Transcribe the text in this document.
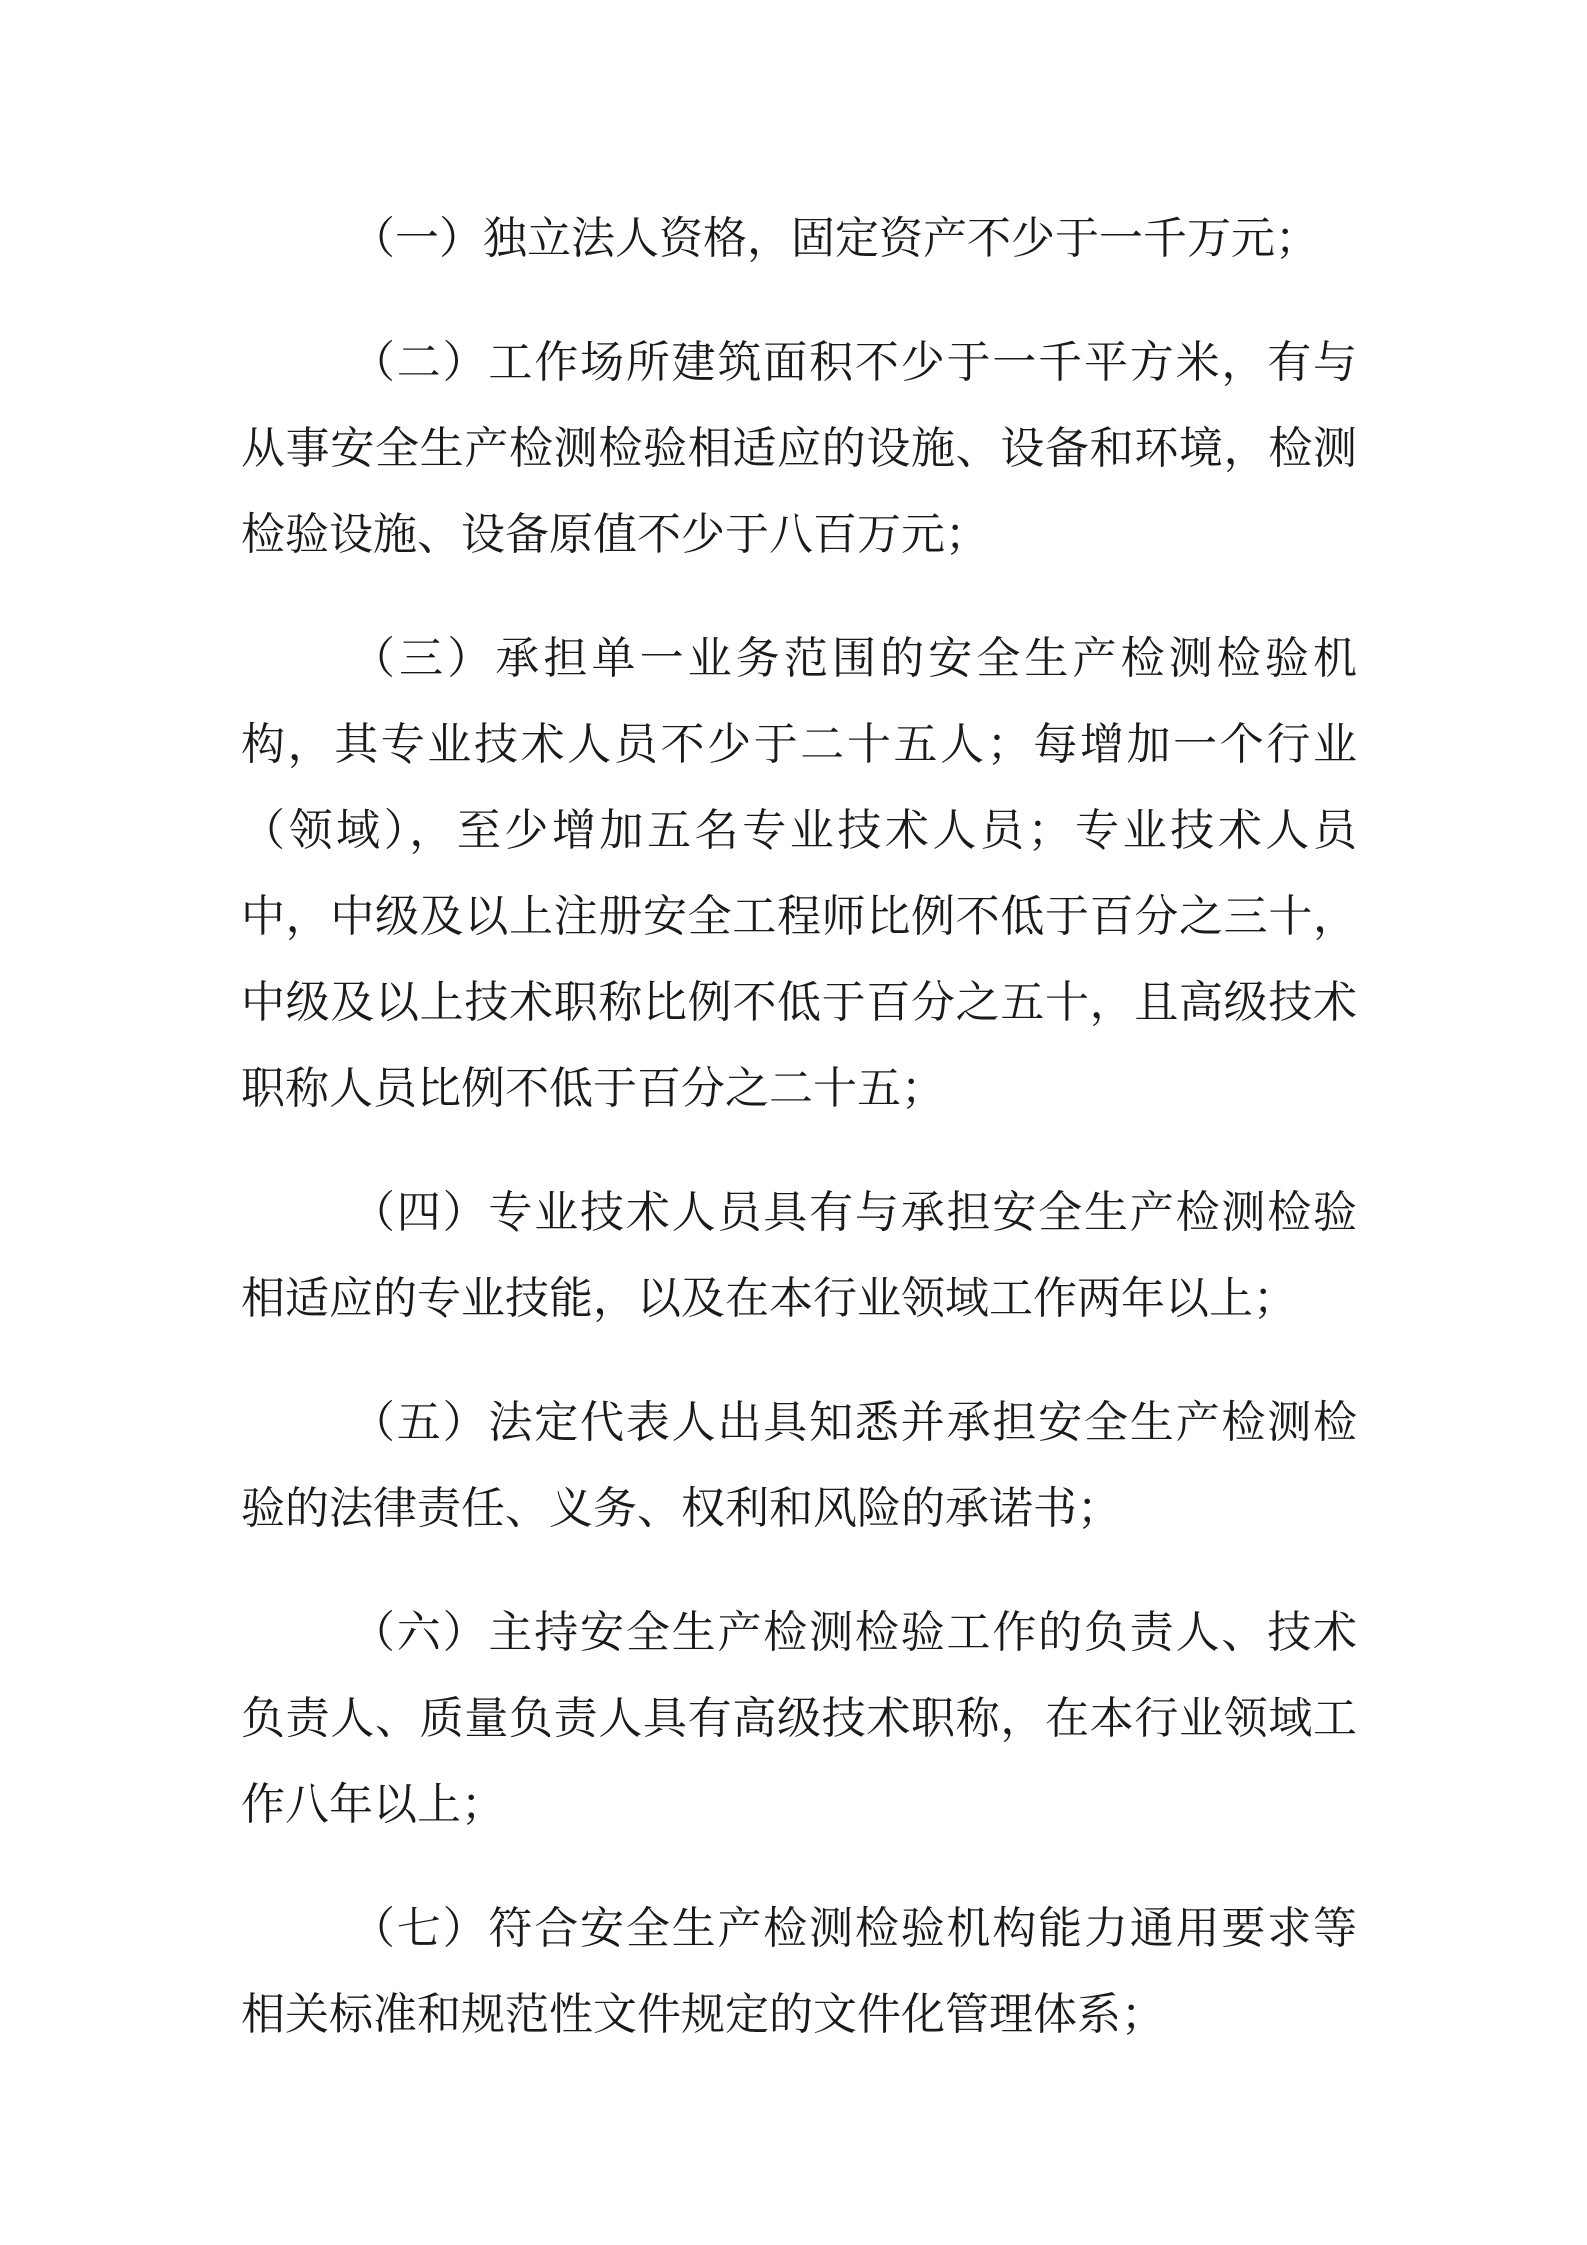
（一）独立法人资格，固定资产不少于一千万元；

（二）工作场所建筑面积不少于一千平方米，有与从事安全生产检测检验相适应的设施、设备和环境，检测检验设施、设备原值不少于八百万元；

（三）承担单一业务范围的安全生产检测检验机构，其专业技术人员不少于二十五人；每增加一个行业（领域），至少增加五名专业技术人员；专业技术人员中，中级及以上注册安全工程师比例不低于百分之三十，中级及以上技术职称比例不低于百分之五十，且高级技术职称人员比例不低于百分之二十五；

（四）专业技术人员具有与承担安全生产检测检验相适应的专业技能，以及在本行业领域工作两年以上；

（五）法定代表人出具知悉并承担安全生产检测检验的法律责任、义务、权利和风险的承诺书；

（六）主持安全生产检测检验工作的负责人、技术负责人、质量负责人具有高级技术职称，在本行业领域工作八年以上；

（七）符合安全生产检测检验机构能力通用要求等相关标准和规范性文件规定的文件化管理体系；
